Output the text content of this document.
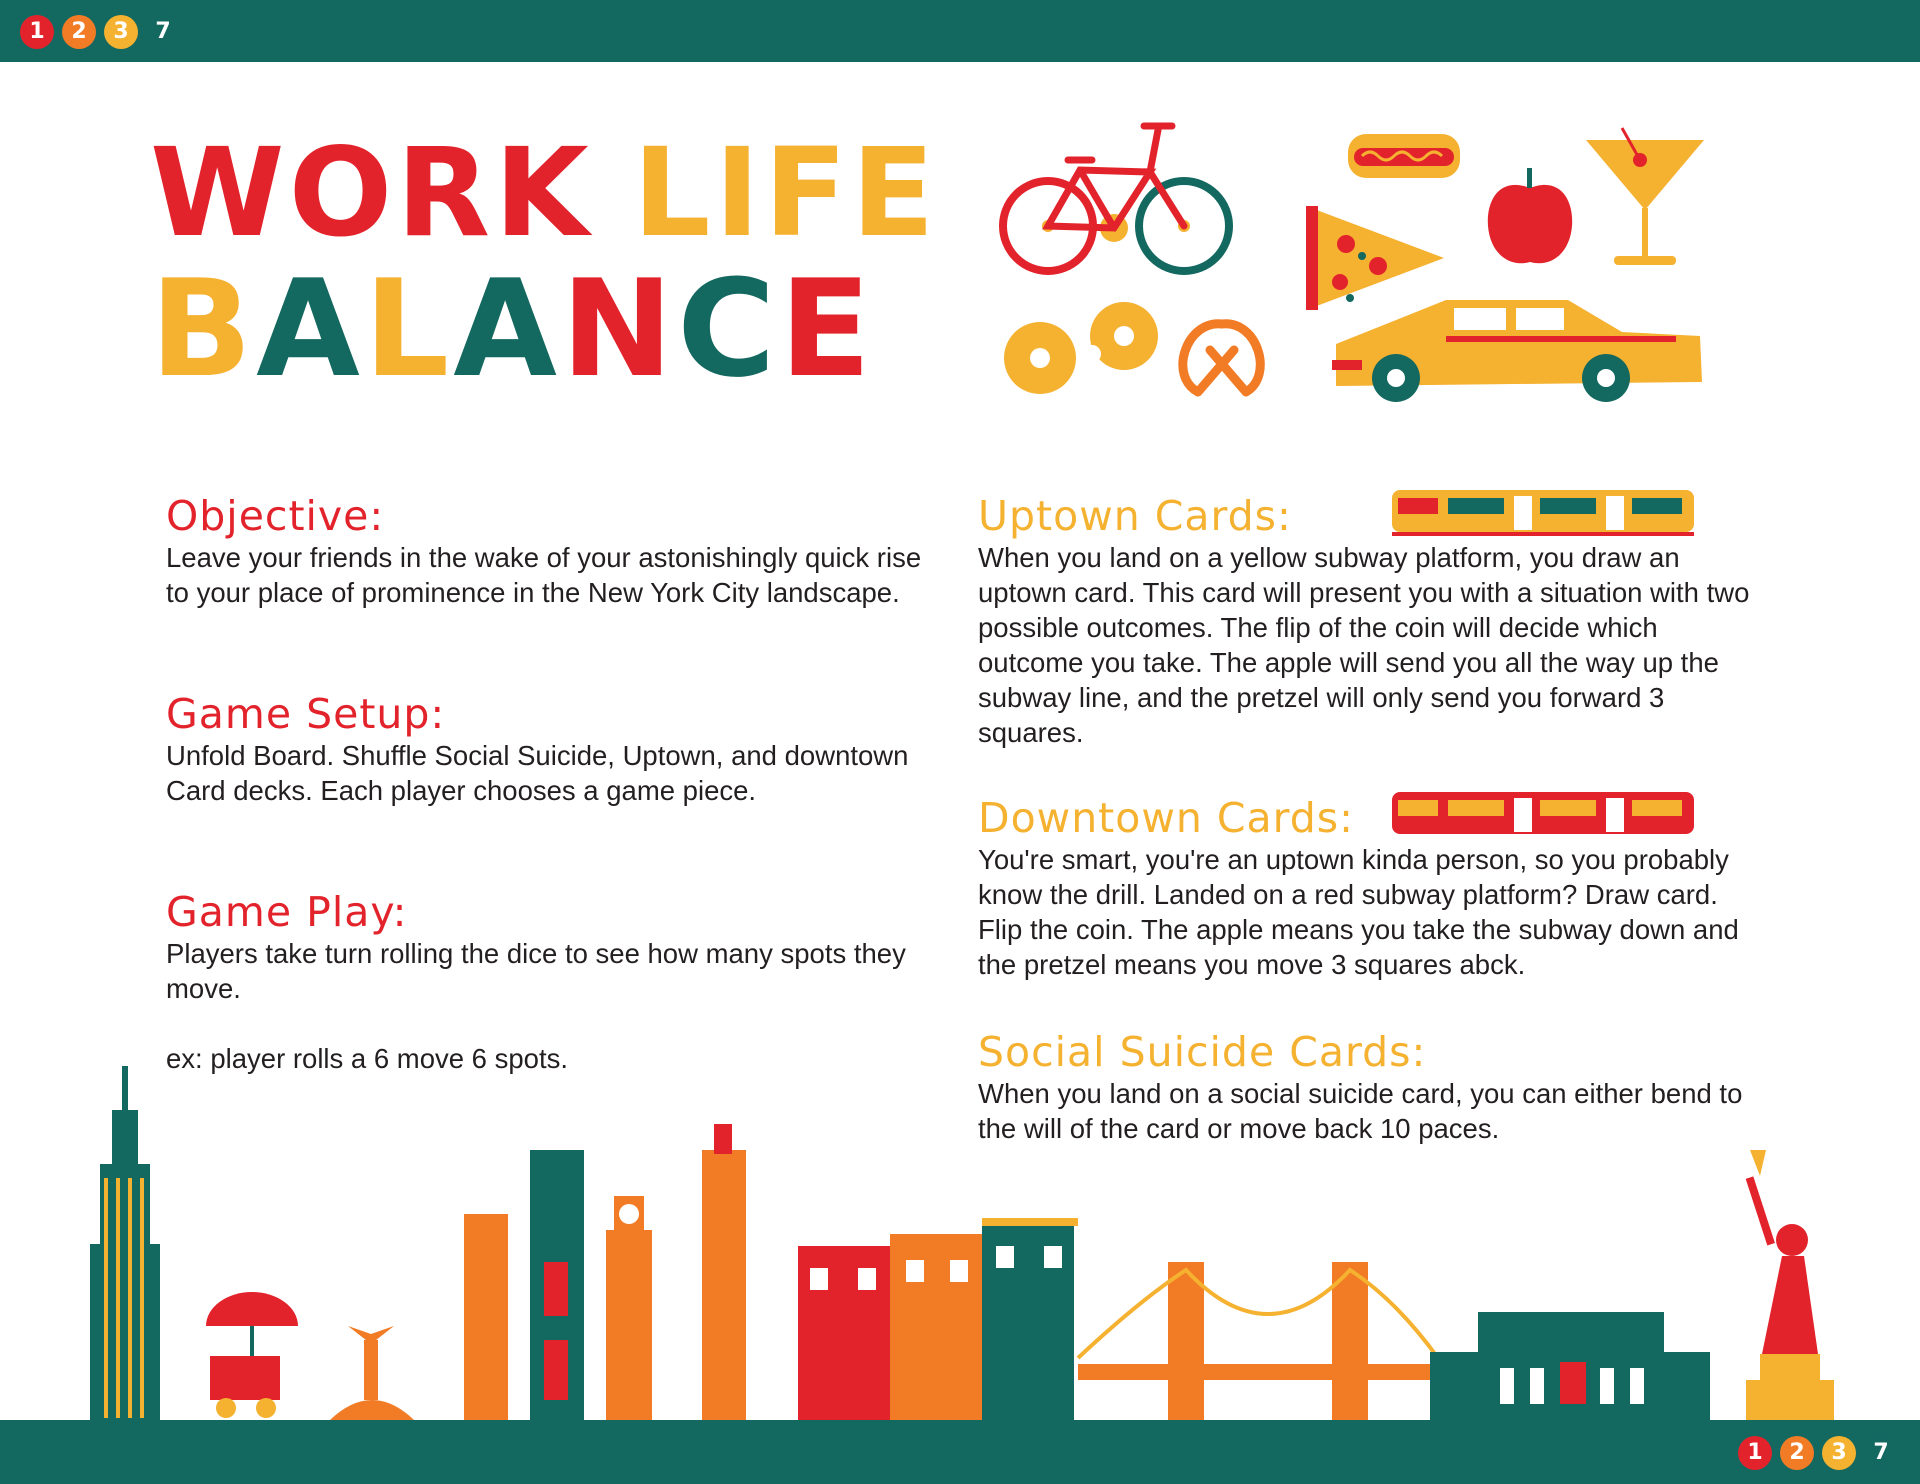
1	2	3	7
1	2	3	7
WORK LIFE
BALANCE
Objective:

Leave your friends in the wake of your astonishingly quick rise to your place of prominence in the New York City landscape.

Game Setup:

Unfold Board. Shuffle Social Suicide, Uptown, and downtown Card decks. Each player chooses a game piece.

Game Play:

Players take turn rolling the dice to see how many spots they move.

ex: player rolls a 6 move 6 spots.

Uptown Cards:

When you land on a yellow subway platform, you draw an uptown card. This card will present you with a situation with two possible outcomes. The flip of the coin will decide which outcome you take. The apple will send you all the way up the subway line, and the pretzel will only send you forward 3 squares.

Downtown Cards:

You're smart, you're an uptown kinda person, so you probably know the drill. Landed on a red subway platform? Draw card. Flip the coin. The apple means you take the subway down and the pretzel means you move 3 squares abck.

Social Suicide Cards:

When you land on a social suicide card, you can either bend to the will of the card or move back 10 paces.
